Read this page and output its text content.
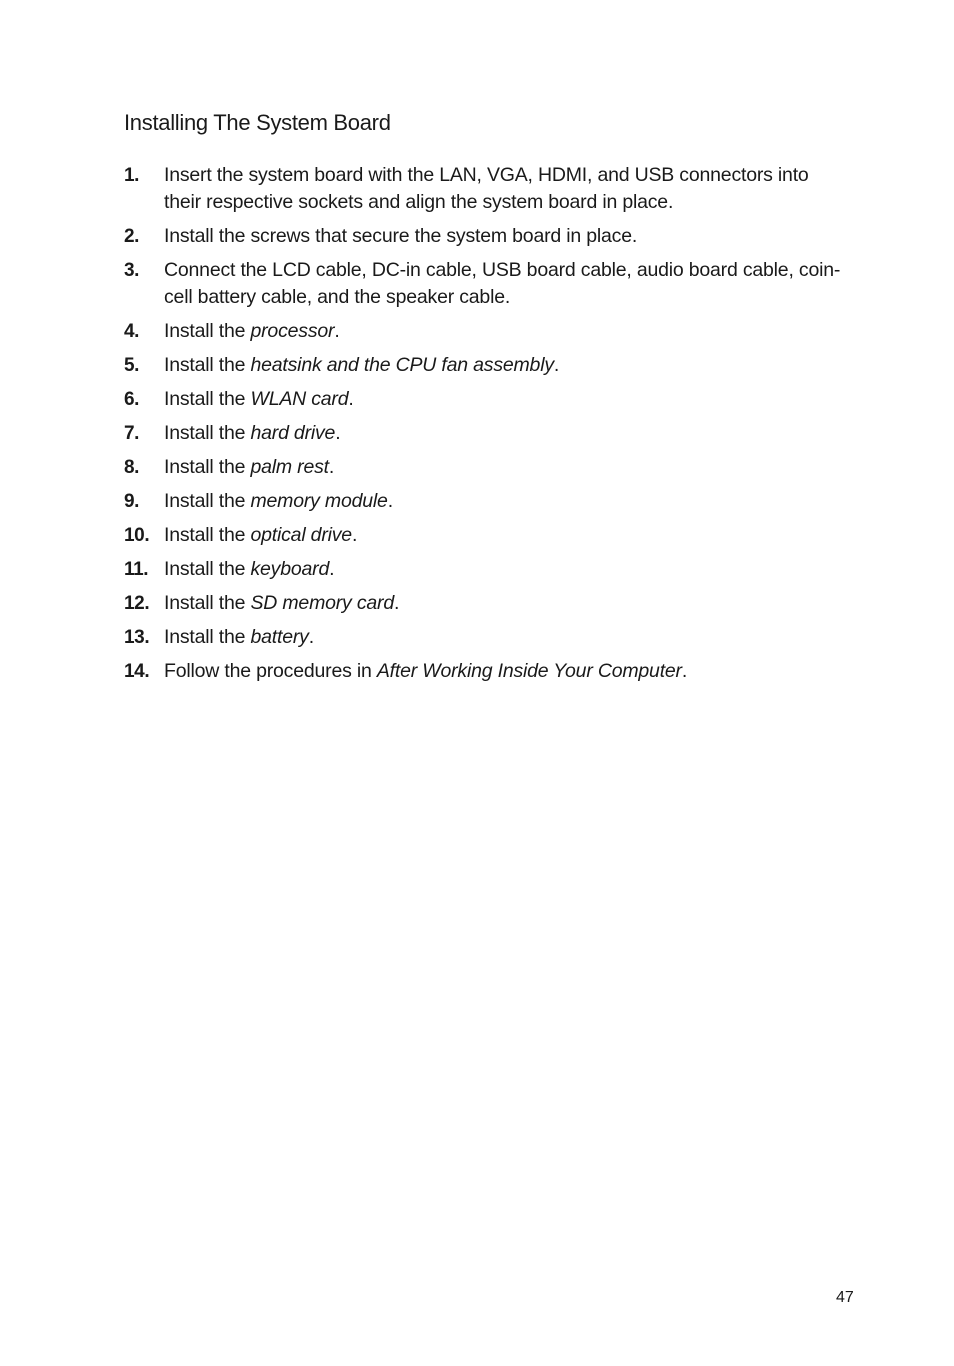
Installing The System Board
1. Insert the system board with the LAN, VGA, HDMI, and USB connectors into their respective sockets and align the system board in place.
2. Install the screws that secure the system board in place.
3. Connect the LCD cable, DC-in cable, USB board cable, audio board cable, coin-cell battery cable, and the speaker cable.
4. Install the processor.
5. Install the heatsink and the CPU fan assembly.
6. Install the WLAN card.
7. Install the hard drive.
8. Install the palm rest.
9. Install the memory module.
10. Install the optical drive.
11. Install the keyboard.
12. Install the SD memory card.
13. Install the battery.
14. Follow the procedures in After Working Inside Your Computer.
47
